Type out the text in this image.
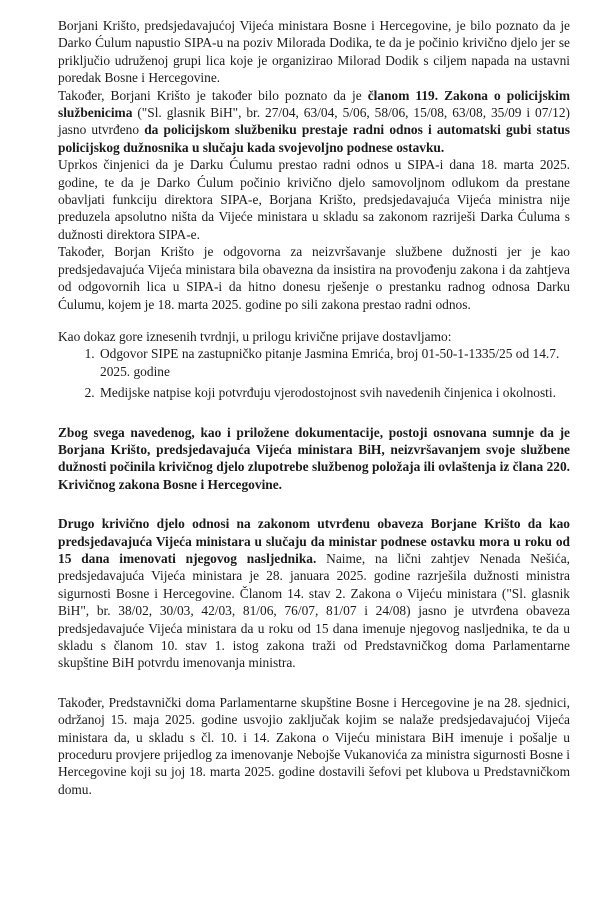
Borjani Krišto, predsjedavajućoj Vijeća ministara Bosne i Hercegovine, je bilo poznato da je Darko Ćulum napustio SIPA-u na poziv Milorada Dodika, te da je počinio krivično djelo jer se priključio udruženoj grupi lica koje je organizirao Milorad Dodik s ciljem napada na ustavni poredak Bosne i Hercegovine.

Također, Borjani Krišto je također bilo poznato da je članom 119. Zakona o policijskim službenicima ("Sl. glasnik BiH", br. 27/04, 63/04, 5/06, 58/06, 15/08, 63/08, 35/09 i 07/12) jasno utvrđeno da policijskom službeniku prestaje radni odnos i automatski gubi status policijskog dužnosnika u slučaju kada svojevoljno podnese ostavku.

Uprkos činjenici da je Darku Ćulumu prestao radni odnos u SIPA-i dana 18. marta 2025. godine, te da je Darko Ćulum počinio krivično djelo samovoljnom odlukom da prestane obavljati funkciju direktora SIPA-e, Borjana Krišto, predsjedavajuća Vijeća ministra nije preduzela apsolutno ništa da Vijeće ministara u skladu sa zakonom razriješi Darka Ćuluma s dužnosti direktora SIPA-e.

Također, Borjan Krišto je odgovorna za neizvršavanje službene dužnosti jer je kao predsjedavajuća Vijeća ministara bila obavezna da insistira na provođenju zakona i da zahtjeva od odgovornih lica u SIPA-i da hitno donesu rješenje o prestanku radnog odnosa Darku Ćulumu, kojem je 18. marta 2025. godine po sili zakona prestao radni odnos.

Kao dokaz gore iznesenih tvrdnji, u prilogu krivične prijave dostavljamo:

1. Odgovor SIPE na zastupničko pitanje Jasmina Emrića, broj 01-50-1-1335/25 od 14.7. 2025. godine
2. Medijske natpise koji potvrđuju vjerodostojnost svih navedenih činjenica i okolnosti.

Zbog svega navedenog, kao i priložene dokumentacije, postoji osnovana sumnje da je Borjana Krišto, predsjedavajuća Vijeća ministara BiH, neizvršavanjem svoje službene dužnosti počinila krivičnog djelo zlupotrebe službenog položaja ili ovlaštenja iz člana 220. Krivičnog zakona Bosne i Hercegovine.

Drugo krivično djelo odnosi na zakonom utvrđenu obaveza Borjane Krišto da kao predsjedavajuća Vijeća ministara u slučaju da ministar podnese ostavku mora u roku od 15 dana imenovati njegovog nasljednika. Naime, na lični zahtjev Nenada Nešića, predsjedavajuća Vijeća ministara je 28. januara 2025. godine razrješila dužnosti ministra sigurnosti Bosne i Hercegovine. Članom 14. stav 2. Zakona o Vijeću ministara ("Sl. glasnik BiH", br. 38/02, 30/03, 42/03, 81/06, 76/07, 81/07 i 24/08) jasno je utvrđena obaveza predsjedavajuće Vijeća ministara da u roku od 15 dana imenuje njegovog nasljednika, te da u skladu s članom 10. stav 1. istog zakona traži od Predstavničkog doma Parlamentarne skupštine BiH potvrdu imenovanja ministra.

Također, Predstavnički doma Parlamentarne skupštine Bosne i Hercegovine je na 28. sjednici, održanoj 15. maja 2025. godine usvojio zaključak kojim se nalaže predsjedavajućoj Vijeća ministara da, u skladu s čl. 10. i 14. Zakona o Vijeću ministara BiH imenuje i pošalje u proceduru provjere prijedlog za imenovanje Nebojše Vukanovića za ministra sigurnosti Bosne i Hercegovine koji su joj 18. marta 2025. godine dostavili šefovi pet klubova u Predstavničkom domu.
